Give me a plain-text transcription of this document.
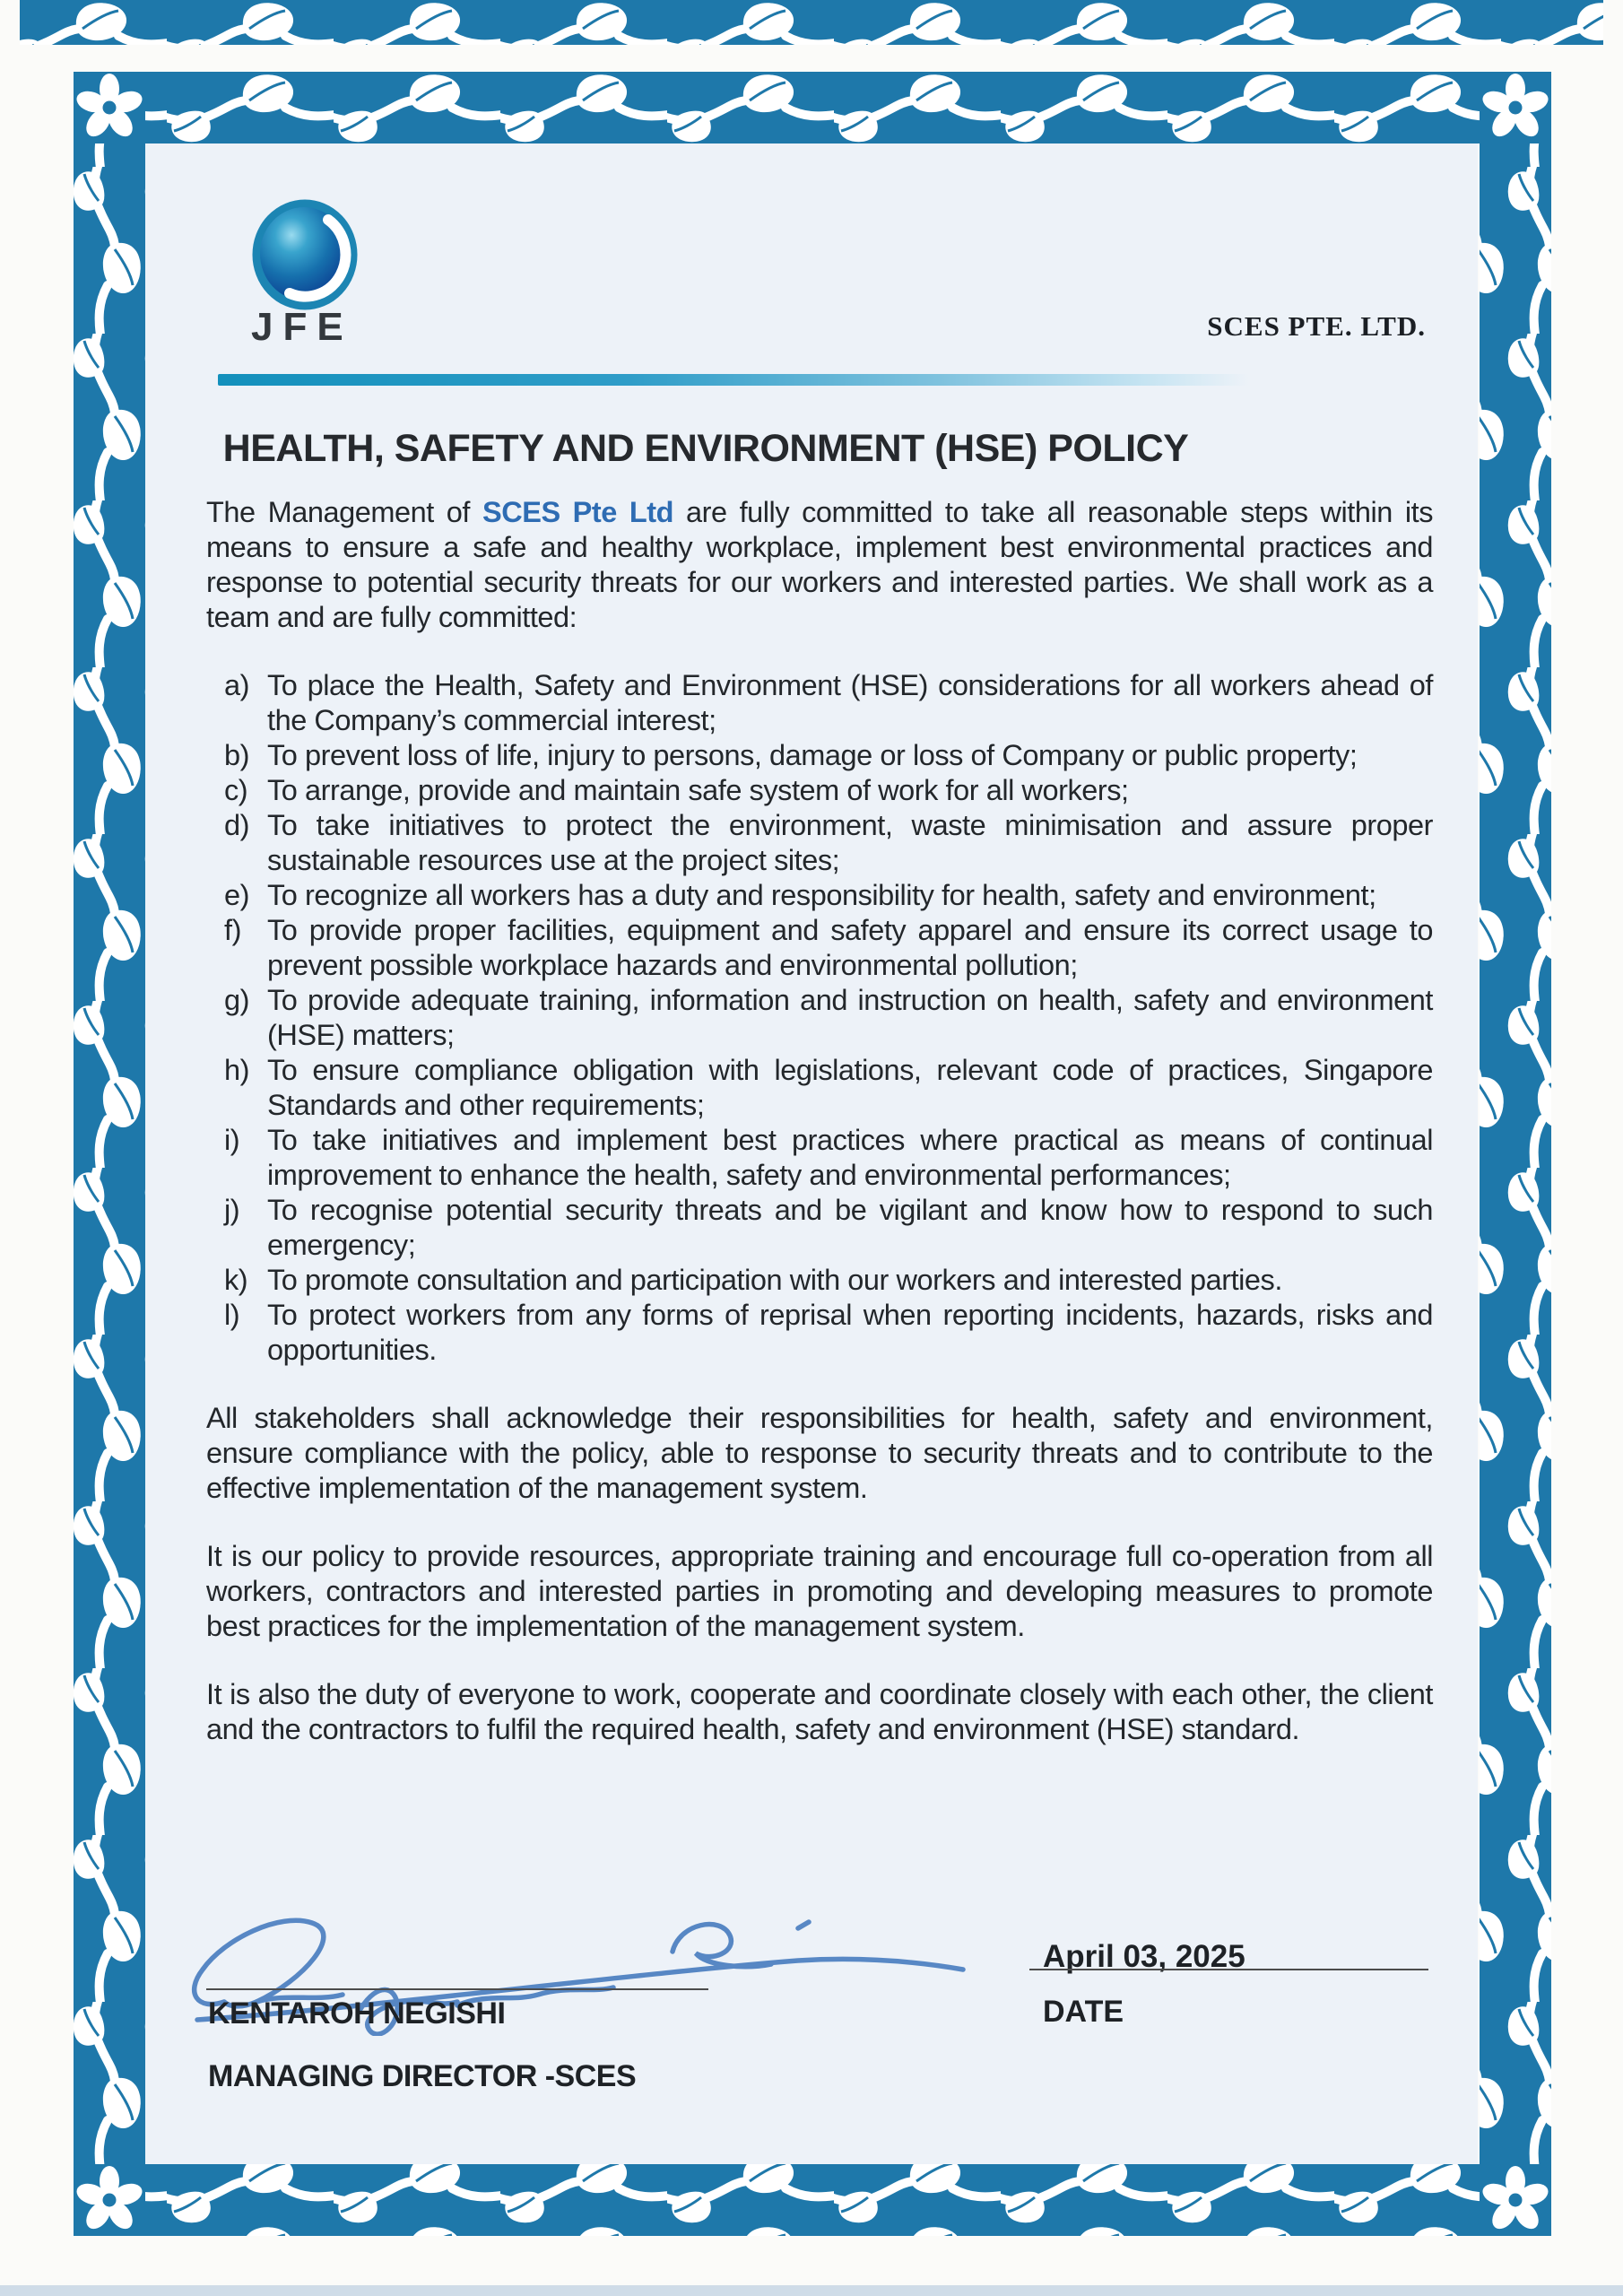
JFE	SCES PTE. LTD.
HEALTH, SAFETY AND ENVIRONMENT (HSE) POLICY

The Management of SCES Pte Ltd are fully committed to take all reasonable steps within its means to ensure a safe and healthy workplace, implement best environmental practices and response to potential security threats for our workers and interested parties. We shall work as a team and are fully committed:

a) To place the Health, Safety and Environment (HSE) considerations for all workers ahead of the Company’s commercial interest;
b) To prevent loss of life, injury to persons, damage or loss of Company or public property;
c) To arrange, provide and maintain safe system of work for all workers;
d) To take initiatives to protect the environment, waste minimisation and assure proper sustainable resources use at the project sites;
e) To recognize all workers has a duty and responsibility for health, safety and environment;
f) To provide proper facilities, equipment and safety apparel and ensure its correct usage to prevent possible workplace hazards and environmental pollution;
g) To provide adequate training, information and instruction on health, safety and environment (HSE) matters;
h) To ensure compliance obligation with legislations, relevant code of practices, Singapore Standards and other requirements;
i) To take initiatives and implement best practices where practical as means of continual improvement to enhance the health, safety and environmental performances;
j) To recognise potential security threats and be vigilant and know how to respond to such emergency;
k) To promote consultation and participation with our workers and interested parties.
l) To protect workers from any forms of reprisal when reporting incidents, hazards, risks and opportunities.

All stakeholders shall acknowledge their responsibilities for health, safety and environment, ensure compliance with the policy, able to response to security threats and to contribute to the effective implementation of the management system.

It is our policy to provide resources, appropriate training and encourage full co-operation from all workers, contractors and interested parties in promoting and developing measures to promote best practices for the implementation of the management system.

It is also the duty of everyone to work, cooperate and coordinate closely with each other, the client and the contractors to fulfil the required health, safety and environment (HSE) standard.

KENTAROH NEGISHI
MANAGING DIRECTOR -SCES
April 03, 2025
DATE
